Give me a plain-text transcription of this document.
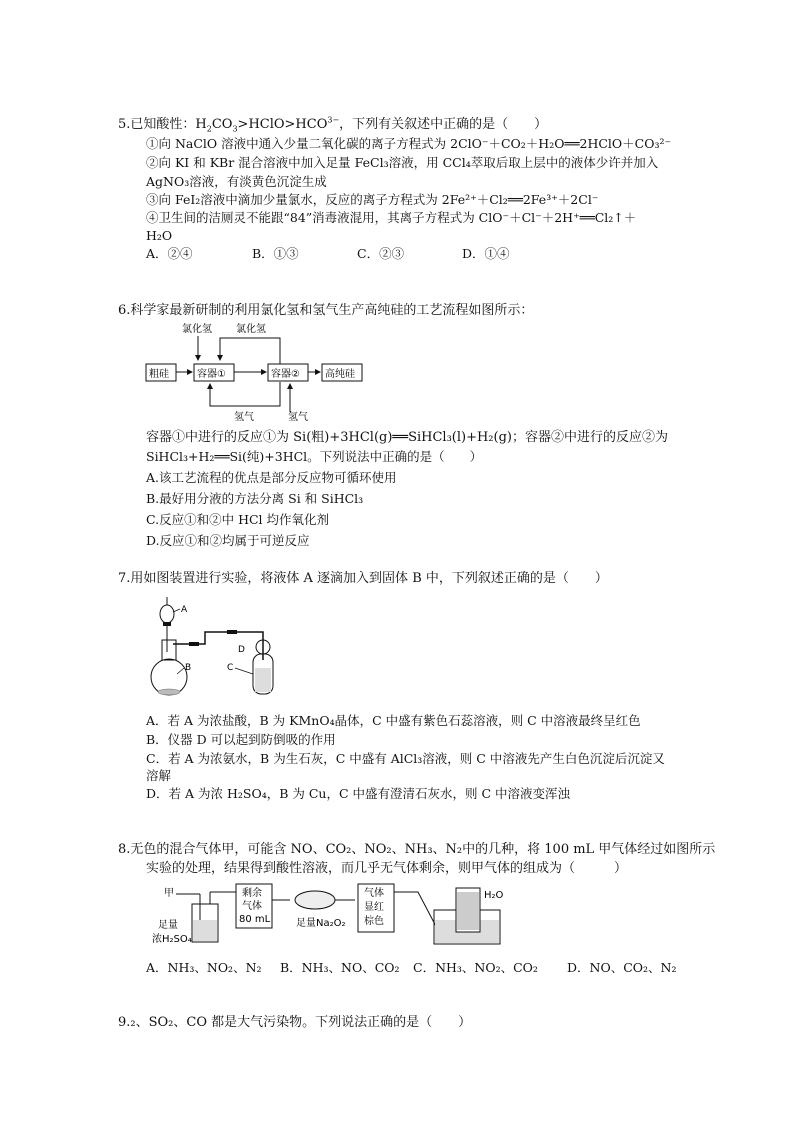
5.已知酸性：$H_2CO_3>HClO>HCO^{3-}$，下列有关叙述中正确的是（　　）
①向 NaClO 溶液中通入少量二氧化碳的离子方程式为 2ClO⁻＋CO₂＋H₂O══2HClO＋CO₃²⁻
②向 KI 和 KBr 混合溶液中加入足量 FeCl₃溶液，用 CCl₄萃取后取上层中的液体少许并加入
AgNO₃溶液，有淡黄色沉淀生成
③向 FeI₂溶液中滴加少量氯水，反应的离子方程式为 2Fe²⁺＋Cl₂══2Fe³⁺＋2Cl⁻
④卫生间的洁厕灵不能跟“84”消毒液混用，其离子方程式为 ClO⁻＋Cl⁻＋2H⁺══Cl₂↑＋
H₂O
A．②④	B．①③	C．②③	D．①④
6.科学家最新研制的利用氯化氢和氢气生产高纯硅的工艺流程如图所示：
氯化氢 氯化氢
粗硅	容器①	容器②	高纯硅
氢气	氢气
容器①中进行的反应①为 Si(粗)+3HCl(g)══SiHCl₃(l)+H₂(g)；容器②中进行的反应②为
SiHCl₃+H₂══Si(纯)+3HCl。下列说法中正确的是（　　）
A.该工艺流程的优点是部分反应物可循环使用
B.最好用分液的方法分离 Si 和 SiHCl₃
C.反应①和②中 HCl 均作氧化剂
D.反应①和②均属于可逆反应
7.用如图装置进行实验，将液体 A 逐滴加入到固体 B 中，下列叙述正确的是（　　）
A
B
D
C
A．若 A 为浓盐酸，B 为 KMnO₄晶体，C 中盛有紫色石蕊溶液，则 C 中溶液最终呈红色
B．仪器 D 可以起到防倒吸的作用
C．若 A 为浓氨水，B 为生石灰，C 中盛有 AlCl₃溶液，则 C 中溶液先产生白色沉淀后沉淀又
溶解
D．若 A 为浓 H₂SO₄，B 为 Cu，C 中盛有澄清石灰水，则 C 中溶液变浑浊
8.无色的混合气体甲，可能含 NO、CO₂、NO₂、NH₃、N₂中的几种，将 100 mL 甲气体经过如图所示
实验的处理，结果得到酸性溶液，而几乎无气体剩余，则甲气体的组成为（　　　）
甲
足量
浓H₂SO₄
剩余
气体
80 mL	足量Na₂O₂
气体
显红
棕色
H₂O
A．NH₃、NO₂、N₂ B．NH₃、NO、CO₂ C．NH₃、NO₂、CO₂ D．NO、CO₂、N₂
9.₂、SO₂、CO 都是大气污染物。下列说法正确的是（　　）
